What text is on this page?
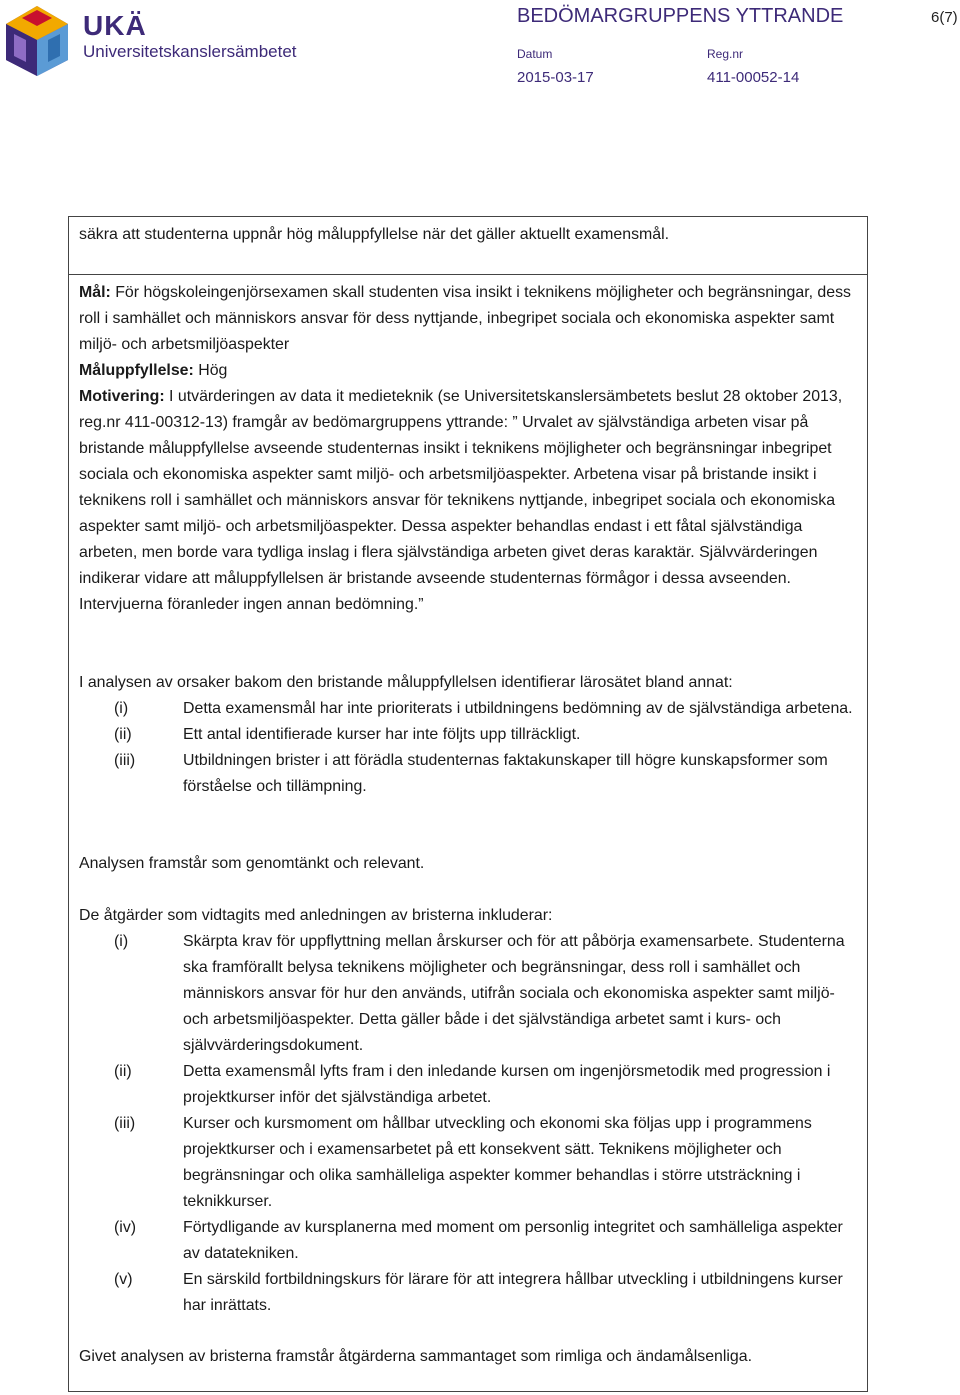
UKÄ
Universitetskanslersämbetet
BEDÖMARGRUPPENS YTTRANDE	6(7)
Datum	Reg.nr
2015-03-17	411-00052-14

säkra att studenterna uppnår hög måluppfyllelse när det gäller aktuellt examensmål.

Mål: För högskoleingenjörsexamen skall studenten visa insikt i teknikens möjligheter och begränsningar, dess roll i samhället och människors ansvar för dess nyttjande, inbegripet sociala och ekonomiska aspekter samt miljö- och arbetsmiljöaspekter
Måluppfyllelse: Hög
Motivering: I utvärderingen av data it medieteknik (se Universitetskanslersämbetets beslut 28 oktober 2013, reg.nr 411-00312-13) framgår av bedömargruppens yttrande: ” Urvalet av självständiga arbeten visar på bristande måluppfyllelse avseende studenternas insikt i teknikens möjligheter och begränsningar inbegripet sociala och ekonomiska aspekter samt miljö- och arbetsmiljöaspekter. Arbetena visar på bristande insikt i teknikens roll i samhället och människors ansvar för teknikens nyttjande, inbegripet sociala och ekonomiska aspekter samt miljö- och arbetsmiljöaspekter. Dessa aspekter behandlas endast i ett fåtal självständiga arbeten, men borde vara tydliga inslag i flera självständiga arbeten givet deras karaktär. Självvärderingen indikerar vidare att måluppfyllelsen är bristande avseende studenternas förmågor i dessa avseenden. Intervjuerna föranleder ingen annan bedömning.”

I analysen av orsaker bakom den bristande måluppfyllelsen identifierar lärosätet bland annat:

(i)	Detta examensmål har inte prioriterats i utbildningens bedömning av de självständiga arbetena.
(ii)	Ett antal identifierade kurser har inte följts upp tillräckligt.
(iii)	Utbildningen brister i att förädla studenternas faktakunskaper till högre kunskapsformer som förståelse och tillämpning.

Analysen framstår som genomtänkt och relevant.

De åtgärder som vidtagits med anledningen av bristerna inkluderar:

(i)	Skärpta krav för uppflyttning mellan årskurser och för att påbörja examensarbete. Studenterna ska framförallt belysa teknikens möjligheter och begränsningar, dess roll i samhället och människors ansvar för hur den används, utifrån sociala och ekonomiska aspekter samt miljö- och arbetsmiljöaspekter. Detta gäller både i det självständiga arbetet samt i kurs- och självvärderingsdokument.
(ii)	Detta examensmål lyfts fram i den inledande kursen om ingenjörsmetodik med progression i projektkurser inför det självständiga arbetet.
(iii)	Kurser och kursmoment om hållbar utveckling och ekonomi ska följas upp i programmens projektkurser och i examensarbetet på ett konsekvent sätt. Teknikens möjligheter och begränsningar och olika samhälleliga aspekter kommer behandlas i större utsträckning i teknikkurser.
(iv)	Förtydligande av kursplanerna med moment om personlig integritet och samhälleliga aspekter av datatekniken.
(v)	En särskild fortbildningskurs för lärare för att integrera hållbar utveckling i utbildningens kurser har inrättats.

Givet analysen av bristerna framstår åtgärderna sammantaget som rimliga och ändamålsenliga.
